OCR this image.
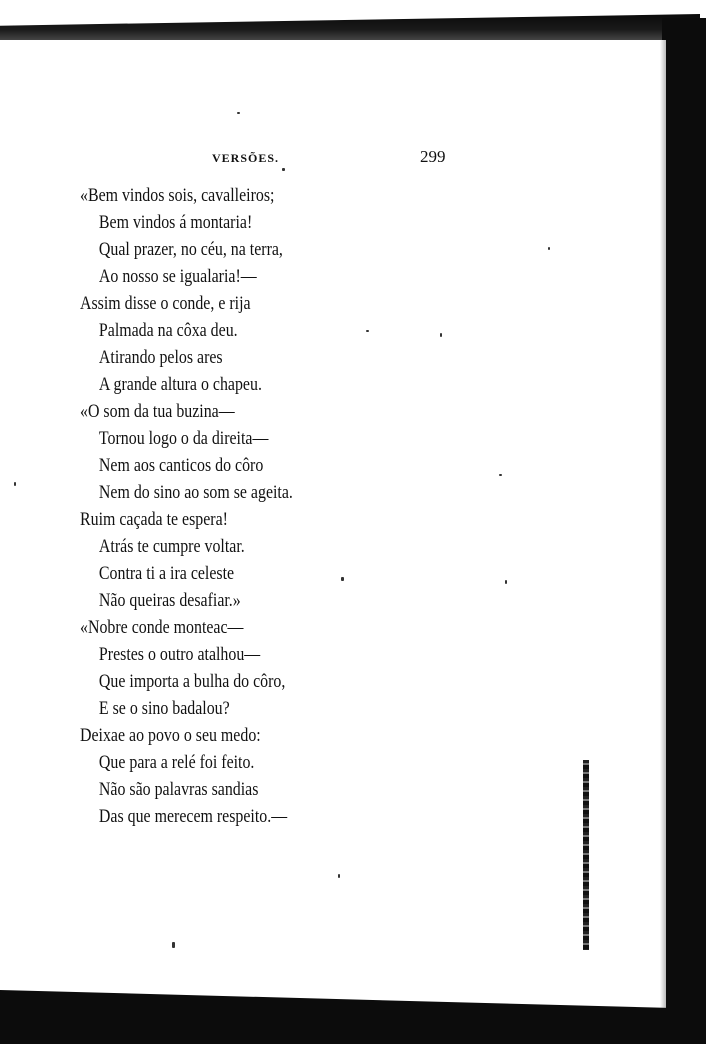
VERSÕES.	299
«Bem vindos sois, cavalleiros;
Bem vindos á montaria!
Qual prazer, no céu, na terra,
Ao nosso se igualaria!—
Assim disse o conde, e rija
Palmada na côxa deu.
Atirando pelos ares
A grande altura o chapeu.
«O som da tua buzina—
Tornou logo o da direita—
Nem aos canticos do côro
Nem do sino ao som se ageita.
Ruim caçada te espera!
Atrás te cumpre voltar.
Contra ti a ira celeste
Não queiras desafiar.»
«Nobre conde monteac—
Prestes o outro atalhou—
Que importa a bulha do côro,
E se o sino badalou?
Deixae ao povo o seu medo:
Que para a relé foi feito.
Não são palavras sandias
Das que merecem respeito.—
